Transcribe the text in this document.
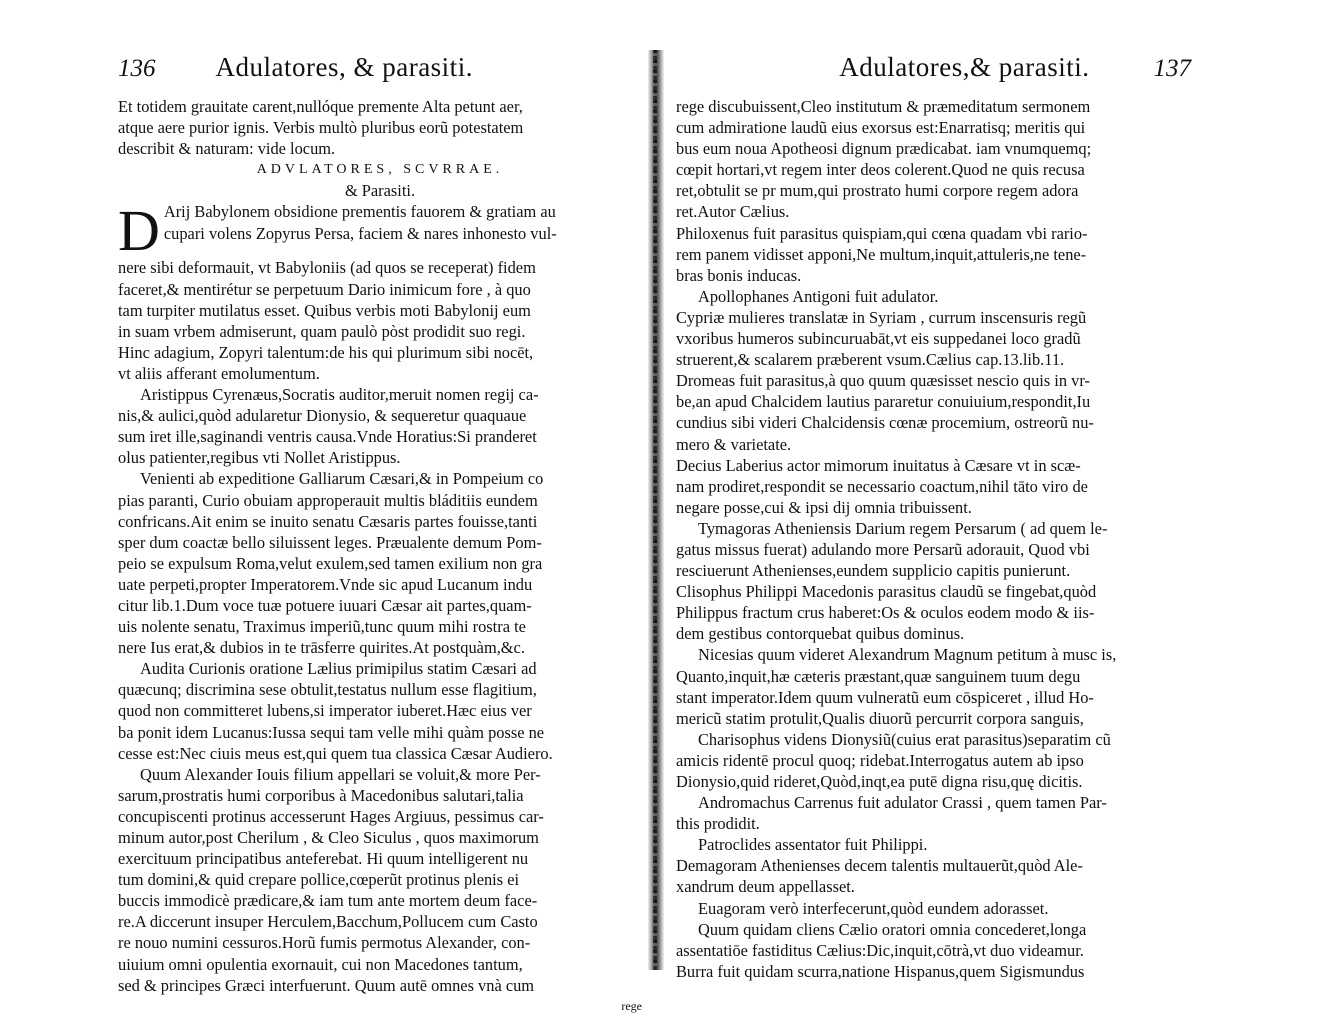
136 Adulatores, & parasiti.
Et totidem grauitate carent,nullóque premente Alta petunt aer,
atque aere purior ignis. Verbis multò pluribus eorũ potestatem
describit & naturam: vide locum.
ADVLATORES, SCVRRAE.
& Parasiti.
D Arij Babylonem obsidione prementis fauorem & gratiam au
cupari volens Zopyrus Persa, faciem & nares inhonesto vul-
nere sibi deformauit, vt Babyloniis (ad quos se receperat) fidem
faceret,& mentirétur se perpetuum Dario inimicum fore , à quo
tam turpiter mutilatus esset. Quibus verbis moti Babylonij eum
in suam vrbem admiserunt, quam paulò pòst prodidit suo regi.
Hinc adagium, Zopyri talentum:de his qui plurimum sibi nocēt,
vt aliis afferant emolumentum.
Aristippus Cyrenæus,Socratis auditor,meruit nomen regij ca-
nis,& aulici,quòd adularetur Dionysio, & sequeretur quaquaue
sum iret ille,saginandi ventris causa.Vnde Horatius:Si pranderet
olus patienter,regibus vti Nollet Aristippus.
Venienti ab expeditione Galliarum Cæsari,& in Pompeium co
pias paranti, Curio obuiam approperauit multis bláditiis eundem
confricans.Ait enim se inuito senatu Cæsaris partes fouisse,tanti
sper dum coactæ bello siluissent leges. Præualente demum Pom-
peio se expulsum Roma,velut exulem,sed tamen exilium non gra
uate perpeti,propter Imperatorem.Vnde sic apud Lucanum indu
citur lib.1.Dum voce tuæ potuere iuuari Cæsar ait partes,quam-
uis nolente senatu, Traximus imperiũ,tunc quum mihi rostra te
nere Ius erat,& dubios in te trāsferre quirites.At postquàm,&c.
Audita Curionis oratione Lælius primipilus statim Cæsari ad
quæcunq; discrimina sese obtulit,testatus nullum esse flagitium,
quod non committeret lubens,si imperator iuberet.Hæc eius ver
ba ponit idem Lucanus:Iussa sequi tam velle mihi quàm posse ne
cesse est:Nec ciuis meus est,qui quem tua classica Cæsar Audiero.
Quum Alexander Iouis filium appellari se voluit,& more Per-
sarum,prostratis humi corporibus à Macedonibus salutari,talia
concupiscenti protinus accesserunt Hages Argiuus, pessimus car-
minum autor,post Cherilum , & Cleo Siculus , quos maximorum
exercituum principatibus anteferebat. Hi quum intelligerent nu
tum domini,& quid crepare pollice,cœperũt protinus plenis ei
buccis immodicè prædicare,& iam tum ante mortem deum face-
re.A diccerunt insuper Herculem,Bacchum,Pollucem cum Casto
re nouo numini cessuros.Horũ fumis permotus Alexander, con-
uiuium omni opulentia exornauit, cui non Macedones tantum,
sed & principes Græci interfuerunt. Quum autē omnes vnà cum
rege
Adulatores,& parasiti.	137
rege discubuissent,Cleo institutum & præmeditatum sermonem
cum admiratione laudũ eius exorsus est:Enarratisq; meritis qui
bus eum noua Apotheosi dignum prædicabat. iam vnumquemq;
cœpit hortari,vt regem inter deos colerent.Quod ne quis recusa
ret,obtulit se pr mum,qui prostrato humi corpore regem adora
ret.Autor Cælius.
Philoxenus fuit parasitus quispiam,qui cœna quadam vbi rario-
rem panem vidisset apponi,Ne multum,inquit,attuleris,ne tene-
bras bonis inducas.
Apollophanes Antigoni fuit adulator.
Cypriæ mulieres translatæ in Syriam , currum inscensuris regũ
vxoribus humeros subincuruabāt,vt eis suppedanei loco gradũ
struerent,& scalarem præberent vsum.Cælius cap.13.lib.11.
Dromeas fuit parasitus,à quo quum quæsisset nescio quis in vr-
be,an apud Chalcidem lautius pararetur conuiuium,respondit,Iu
cundius sibi videri Chalcidensis cœnæ procemium, ostreorũ nu-
mero & varietate.
Decius Laberius actor mimorum inuitatus à Cæsare vt in scæ-
nam prodiret,respondit se necessario coactum,nihil tāto viro de
negare posse,cui & ipsi dij omnia tribuissent.
Tymagoras Atheniensis Darium regem Persarum ( ad quem le-
gatus missus fuerat) adulando more Persarũ adorauit, Quod vbi
resciuerunt Athenienses,eundem supplicio capitis punierunt.
Clisophus Philippi Macedonis parasitus claudũ se fingebat,quòd
Philippus fractum crus haberet:Os & oculos eodem modo & iis-
dem gestibus contorquebat quibus dominus.
Nicesias quum videret Alexandrum Magnum petitum à musc is,
Quanto,inquit,hæ cæteris præstant,quæ sanguinem tuum degu
stant imperator.Idem quum vulneratũ eum cōspiceret , illud Ho-
mericũ statim protulit,Qualis diuorũ percurrit corpora sanguis,
Charisophus videns Dionysiũ(cuius erat parasitus)separatim cũ
amicis ridentē procul quoq; ridebat.Interrogatus autem ab ipso
Dionysio,quid rideret,Quòd,inqt,ea putē digna risu,quę dicitis.
Andromachus Carrenus fuit adulator Crassi , quem tamen Par-
this prodidit.
Patroclides assentator fuit Philippi.
Demagoram Athenienses decem talentis multauerũt,quòd Ale-
xandrum deum appellasset.
Euagoram verò interfecerunt,quòd eundem adorasset.
Quum quidam cliens Cælio oratori omnia concederet,longa
assentatiōe fastiditus Cælius:Dic,inquit,cōtrà,vt duo videamur.
Burra fuit quidam scurra,natione Hispanus,quem Sigismundus
